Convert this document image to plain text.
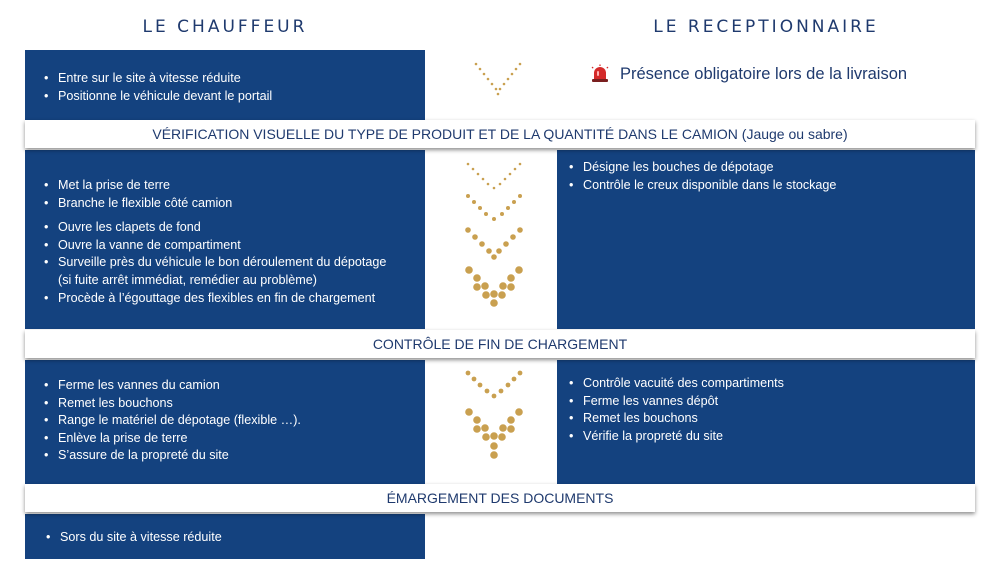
LE CHAUFFEUR	LE RECEPTIONNAIRE
• Entre sur le site à vitesse réduite
• Positionne le véhicule devant le portail
Présence obligatoire lors de la livraison
VÉRIFICATION VISUELLE DU TYPE DE PRODUIT ET DE LA QUANTITÉ DANS LE CAMION (Jauge ou sabre)
• Met la prise de terre
• Branche le flexible côté camion
• Ouvre les clapets de fond
• Ouvre la vanne de compartiment
• Surveille près du véhicule le bon déroulement du dépotage
(si fuite arrêt immédiat, remédier au problème)
• Procède à l’égouttage des flexibles en fin de chargement
• Désigne les bouches de dépotage
• Contrôle le creux disponible dans le stockage
CONTRÔLE DE FIN DE CHARGEMENT
• Ferme les vannes du camion
• Remet les bouchons
• Range le matériel de dépotage (flexible …).
• Enlève la prise de terre
• S’assure de la propreté du site
• Contrôle vacuité des compartiments
• Ferme les vannes dépôt
• Remet les bouchons
• Vérifie la propreté du site
ÉMARGEMENT DES DOCUMENTS
• Sors du site à vitesse réduite
